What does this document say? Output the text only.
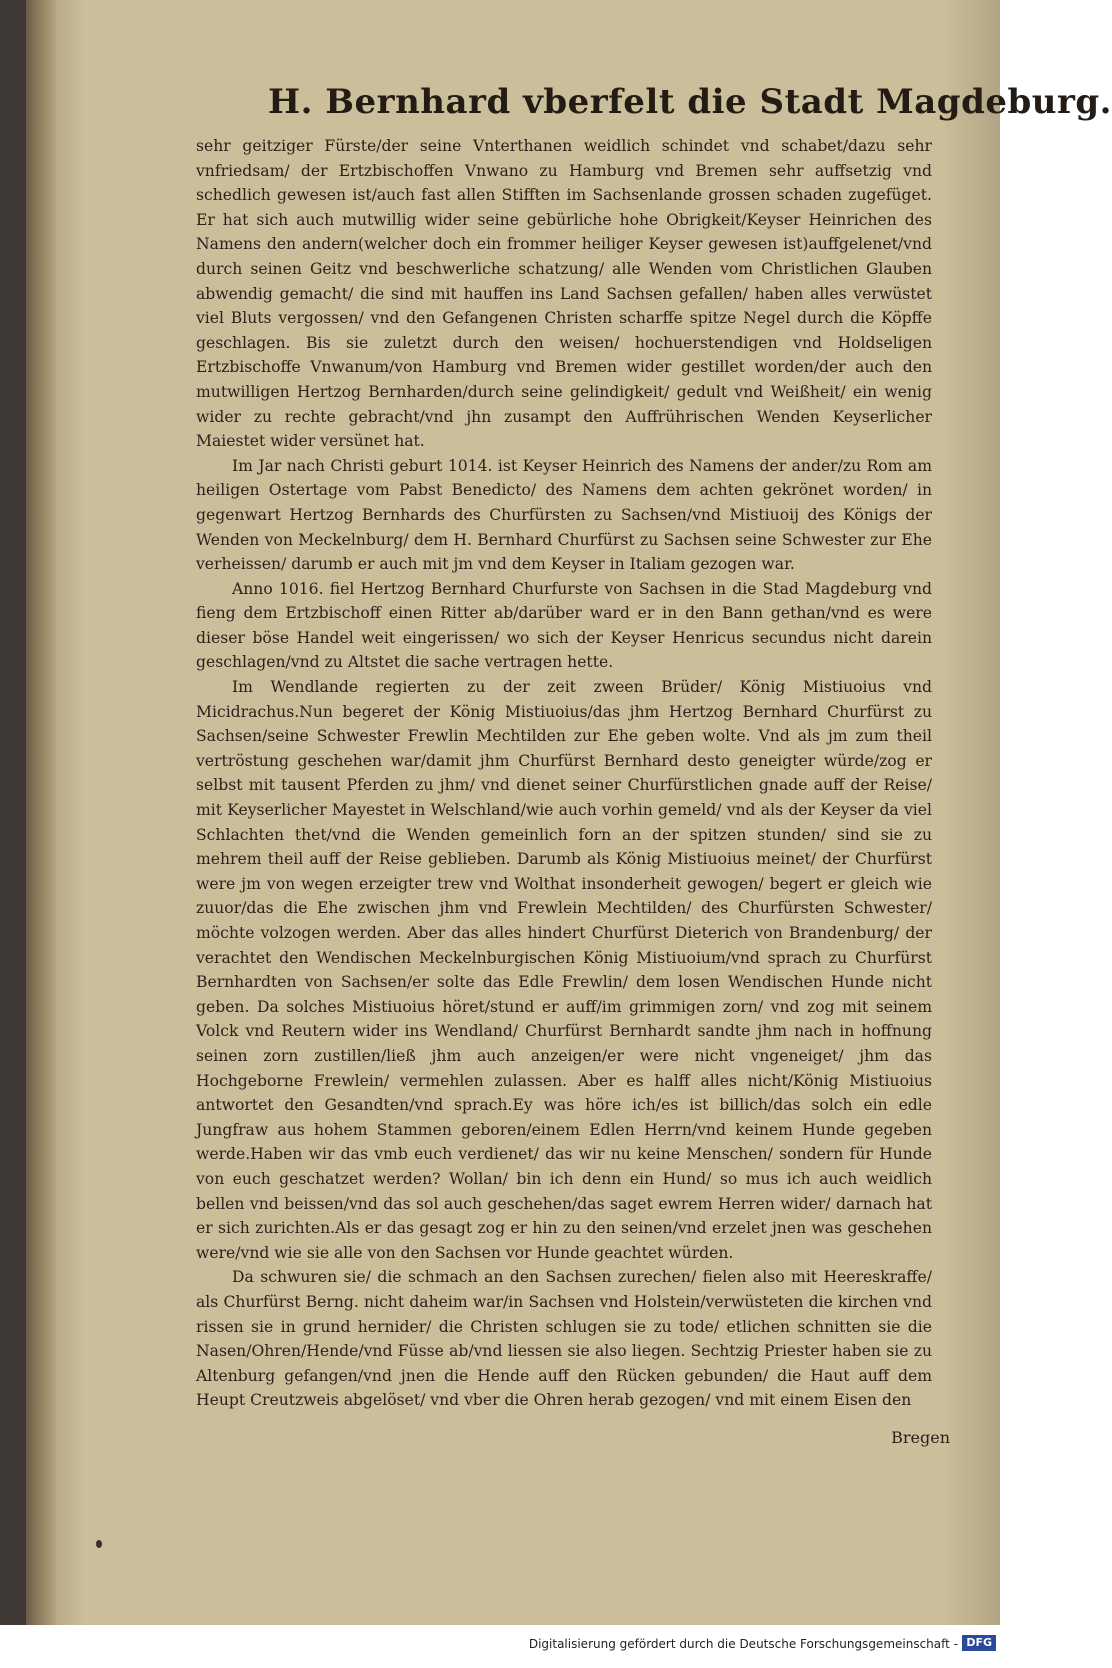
H. Bernhard vberfelt die Stadt Magdeburg.

sehr geitziger Fürste/der seine Vnterthanen weidlich schindet vnd schabet/dazu sehr vnfriedsam/ der Ertzbischoffen Vnwano zu Hamburg vnd Bremen sehr auffsetzig vnd schedlich gewesen ist/auch fast allen Stifften im Sachsenlande grossen schaden zugefüget. Er hat sich auch mutwillig wider seine gebürliche hohe Obrigkeit/Keyser Heinrichen des Namens den andern(welcher doch ein frommer heiliger Keyser gewesen ist)auffgelenet/vnd durch seinen Geitz vnd beschwerliche schatzung/ alle Wenden vom Christlichen Glauben abwendig gemacht/ die sind mit hauffen ins Land Sachsen gefallen/ haben alles verwüstet viel Bluts vergossen/ vnd den Gefangenen Christen scharffe spitze Negel durch die Köpffe geschlagen. Bis sie zuletzt durch den weisen/ hochuerstendigen vnd Holdseligen Ertzbischoffe Vnwanum/von Hamburg vnd Bremen wider gestillet worden/der auch den mutwilligen Hertzog Bernharden/durch seine gelindigkeit/ gedult vnd Weißheit/ ein wenig wider zu rechte gebracht/vnd jhn zusampt den Auffrührischen Wenden Keyserlicher Maiestet wider versünet hat.

Im Jar nach Christi geburt 1014. ist Keyser Heinrich des Namens der ander/zu Rom am heiligen Ostertage vom Pabst Benedicto/ des Namens dem achten gekrönet worden/ in gegenwart Hertzog Bernhards des Churfürsten zu Sachsen/vnd Mistiuoij des Königs der Wenden von Meckelnburg/ dem H. Bernhard Churfürst zu Sachsen seine Schwester zur Ehe verheissen/ darumb er auch mit jm vnd dem Keyser in Italiam gezogen war.

Anno 1016. fiel Hertzog Bernhard Churfurste von Sachsen in die Stad Magdeburg vnd fieng dem Ertzbischoff einen Ritter ab/darüber ward er in den Bann gethan/vnd es were dieser böse Handel weit eingerissen/ wo sich der Keyser Henricus secundus nicht darein geschlagen/vnd zu Altstet die sache vertragen hette.

Im Wendlande regierten zu der zeit zween Brüder/ König Mistiuoius vnd Micidrachus.Nun begeret der König Mistiuoius/das jhm Hertzog Bernhard Churfürst zu Sachsen/seine Schwester Frewlin Mechtilden zur Ehe geben wolte. Vnd als jm zum theil vertröstung geschehen war/damit jhm Churfürst Bernhard desto geneigter würde/zog er selbst mit tausent Pferden zu jhm/ vnd dienet seiner Churfürstlichen gnade auff der Reise/ mit Keyserlicher Mayestet in Welschland/wie auch vorhin gemeld/ vnd als der Keyser da viel Schlachten thet/vnd die Wenden gemeinlich forn an der spitzen stunden/ sind sie zu mehrem theil auff der Reise geblieben. Darumb als König Mistiuoius meinet/ der Churfürst were jm von wegen erzeigter trew vnd Wolthat insonderheit gewogen/ begert er gleich wie zuuor/das die Ehe zwischen jhm vnd Frewlein Mechtilden/ des Churfürsten Schwester/ möchte volzogen werden. Aber das alles hindert Churfürst Dieterich von Brandenburg/ der verachtet den Wendischen Meckelnburgischen König Mistiuoium/vnd sprach zu Churfürst Bernhardten von Sachsen/er solte das Edle Frewlin/ dem losen Wendischen Hunde nicht geben. Da solches Mistiuoius höret/stund er auff/im grimmigen zorn/ vnd zog mit seinem Volck vnd Reutern wider ins Wendland/ Churfürst Bernhardt sandte jhm nach in hoffnung seinen zorn zustillen/ließ jhm auch anzeigen/er were nicht vngeneiget/ jhm das Hochgeborne Frewlein/ vermehlen zulassen. Aber es halff alles nicht/König Mistiuoius antwortet den Gesandten/vnd sprach.Ey was höre ich/es ist billich/das solch ein edle Jungfraw aus hohem Stammen geboren/einem Edlen Herrn/vnd keinem Hunde gegeben werde.Haben wir das vmb euch verdienet/ das wir nu keine Menschen/ sondern für Hunde von euch geschatzet werden? Wollan/ bin ich denn ein Hund/ so mus ich auch weidlich bellen vnd beissen/vnd das sol auch geschehen/das saget ewrem Herren wider/ darnach hat er sich zurichten.Als er das gesagt zog er hin zu den seinen/vnd erzelet jnen was geschehen were/vnd wie sie alle von den Sachsen vor Hunde geachtet würden.

Da schwuren sie/ die schmach an den Sachsen zurechen/ fielen also mit Heereskraffe/ als Churfürst Berng. nicht daheim war/in Sachsen vnd Holstein/verwüsteten die kirchen vnd rissen sie in grund hernider/ die Christen schlugen sie zu tode/ etlichen schnitten sie die Nasen/Ohren/Hende/vnd Füsse ab/vnd liessen sie also liegen. Sechtzig Priester haben sie zu Altenburg gefangen/vnd jnen die Hende auff den Rücken gebunden/ die Haut auff dem Heupt Creutzweis abgelöset/ vnd vber die Ohren herab gezogen/ vnd mit einem Eisen den

Bregen
Digitalisierung gefördert durch die Deutsche Forschungsgemeinschaft - DFG
